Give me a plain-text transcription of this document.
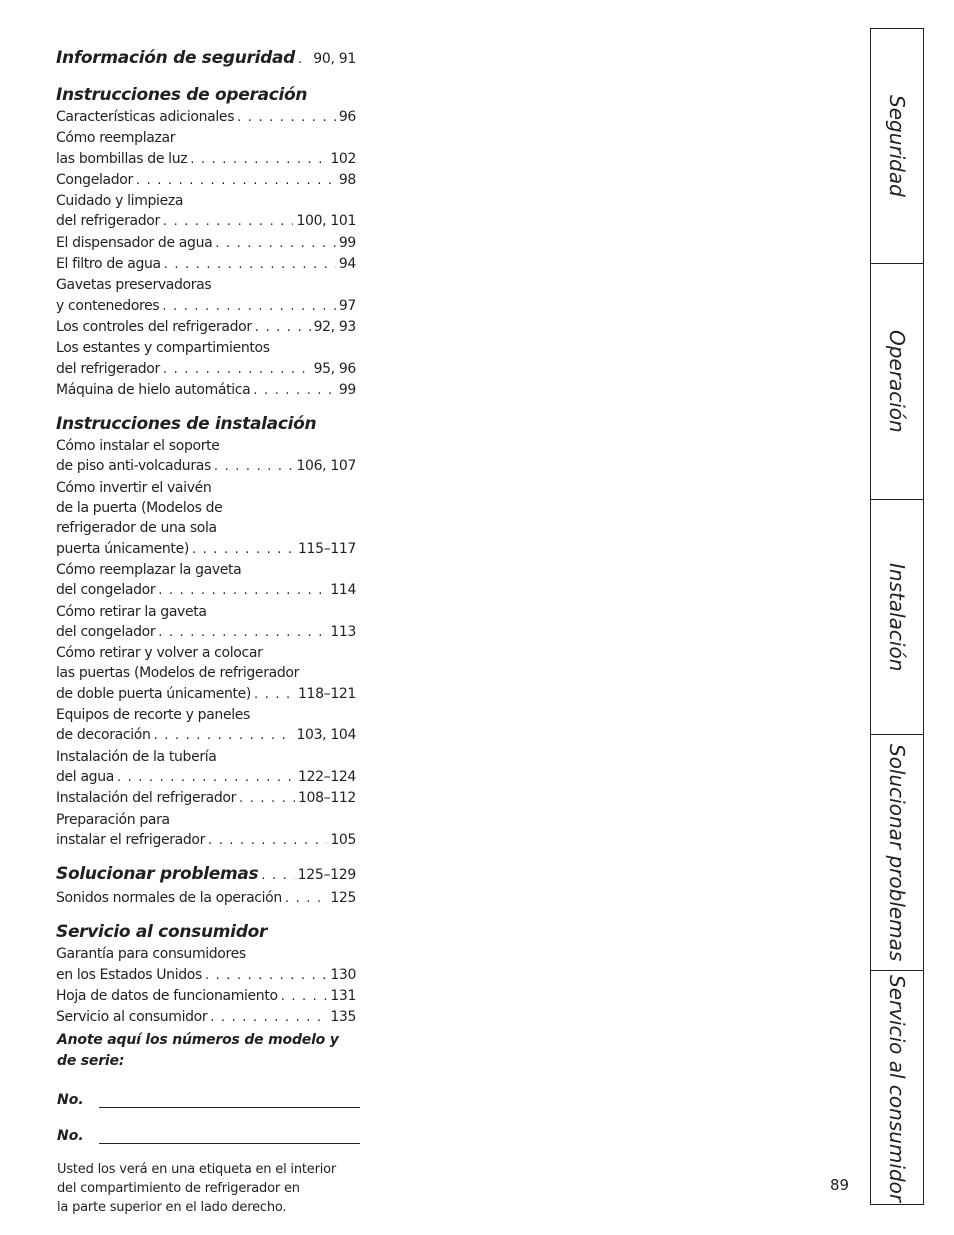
Información de seguridad . . . 90, 91
Instrucciones de operación
Características adicionales . . .	96
Cómo reemplazar
las bombillas de luz . . .	102
Congelador . . .	98
Cuidado y limpieza
del refrigerador . . .	100, 101
El dispensador de agua . . .	99
El filtro de agua . . .	94
Gavetas preservadoras
y contenedores . . .	97
Los controles del refrigerador . . .	92, 93
Los estantes y compartimientos
del refrigerador . . .	95, 96
Máquina de hielo automática . . .	99
Instrucciones de instalación
Cómo instalar el soporte
de piso anti-volcaduras . . .	106, 107
Cómo invertir el vaivén
de la puerta (Modelos de
refrigerador de una sola
puerta únicamente) . . .	115–117
Cómo reemplazar la gaveta
del congelador . . .	114
Cómo retirar la gaveta
del congelador . . .	113
Cómo retirar y volver a colocar
las puertas (Modelos de refrigerador
de doble puerta únicamente) . . .	118–121
Equipos de recorte y paneles
de decoración . . .	103, 104
Instalación de la tubería
del agua . . .	122–124
Instalación del refrigerador . . .	108–112
Preparación para
instalar el refrigerador . . .	105
Solucionar problemas . . .	125–129
Sonidos normales de la operación . . .	125
Servicio al consumidor
Garantía para consumidores
en los Estados Unidos . . .	130
Hoja de datos de funcionamiento . . .	131
Servicio al consumidor . . .	135
Anote aquí los números de modelo y de serie:
No.
No.
Usted los verá en una etiqueta en el interior
del compartimiento de refrigerador en
la parte superior en el lado derecho.
89
Seguridad
Operación
Instalación
Solucionar problemas
Servicio al consumidor
